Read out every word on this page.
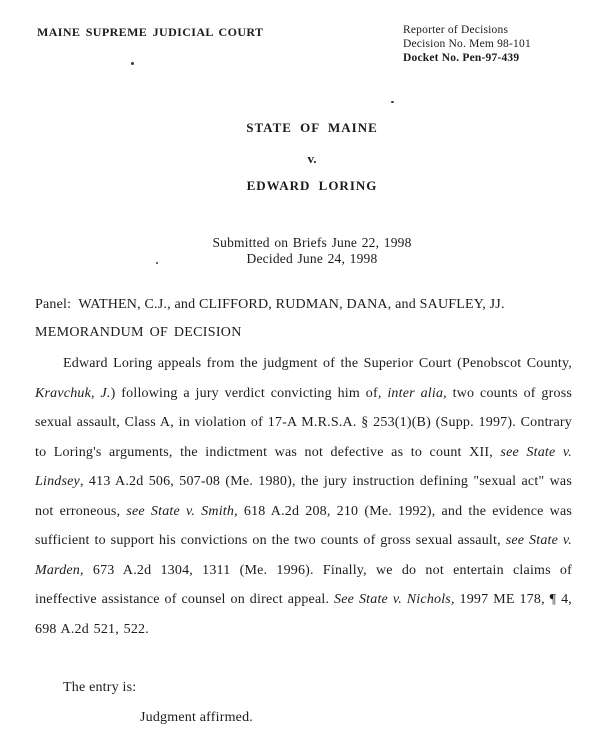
MAINE SUPREME JUDICIAL COURT	Reporter of Decisions
Decision No. Mem 98-101
Docket No. Pen-97-439
STATE OF MAINE
v.
EDWARD LORING
Submitted on Briefs June 22, 1998
Decided June 24, 1998
Panel:  WATHEN, C.J., and CLIFFORD, RUDMAN, DANA, and SAUFLEY, JJ.
MEMORANDUM OF DECISION

Edward Loring appeals from the judgment of the Superior Court (Penobscot County, Kravchuk, J.) following a jury verdict convicting him of, inter alia, two counts of gross sexual assault, Class A, in violation of 17-A M.R.S.A. § 253(1)(B) (Supp. 1997). Contrary to Loring's arguments, the indictment was not defective as to count XII, see State v. Lindsey, 413 A.2d 506, 507-08 (Me. 1980), the jury instruction defining "sexual act" was not erroneous, see State v. Smith, 618 A.2d 208, 210 (Me. 1992), and the evidence was sufficient to support his convictions on the two counts of gross sexual assault, see State v. Marden, 673 A.2d 1304, 1311 (Me. 1996). Finally, we do not entertain claims of ineffective assistance of counsel on direct appeal. See State v. Nichols, 1997 ME 178, ¶ 4, 698 A.2d 521, 522.

The entry is:
Judgment affirmed.
